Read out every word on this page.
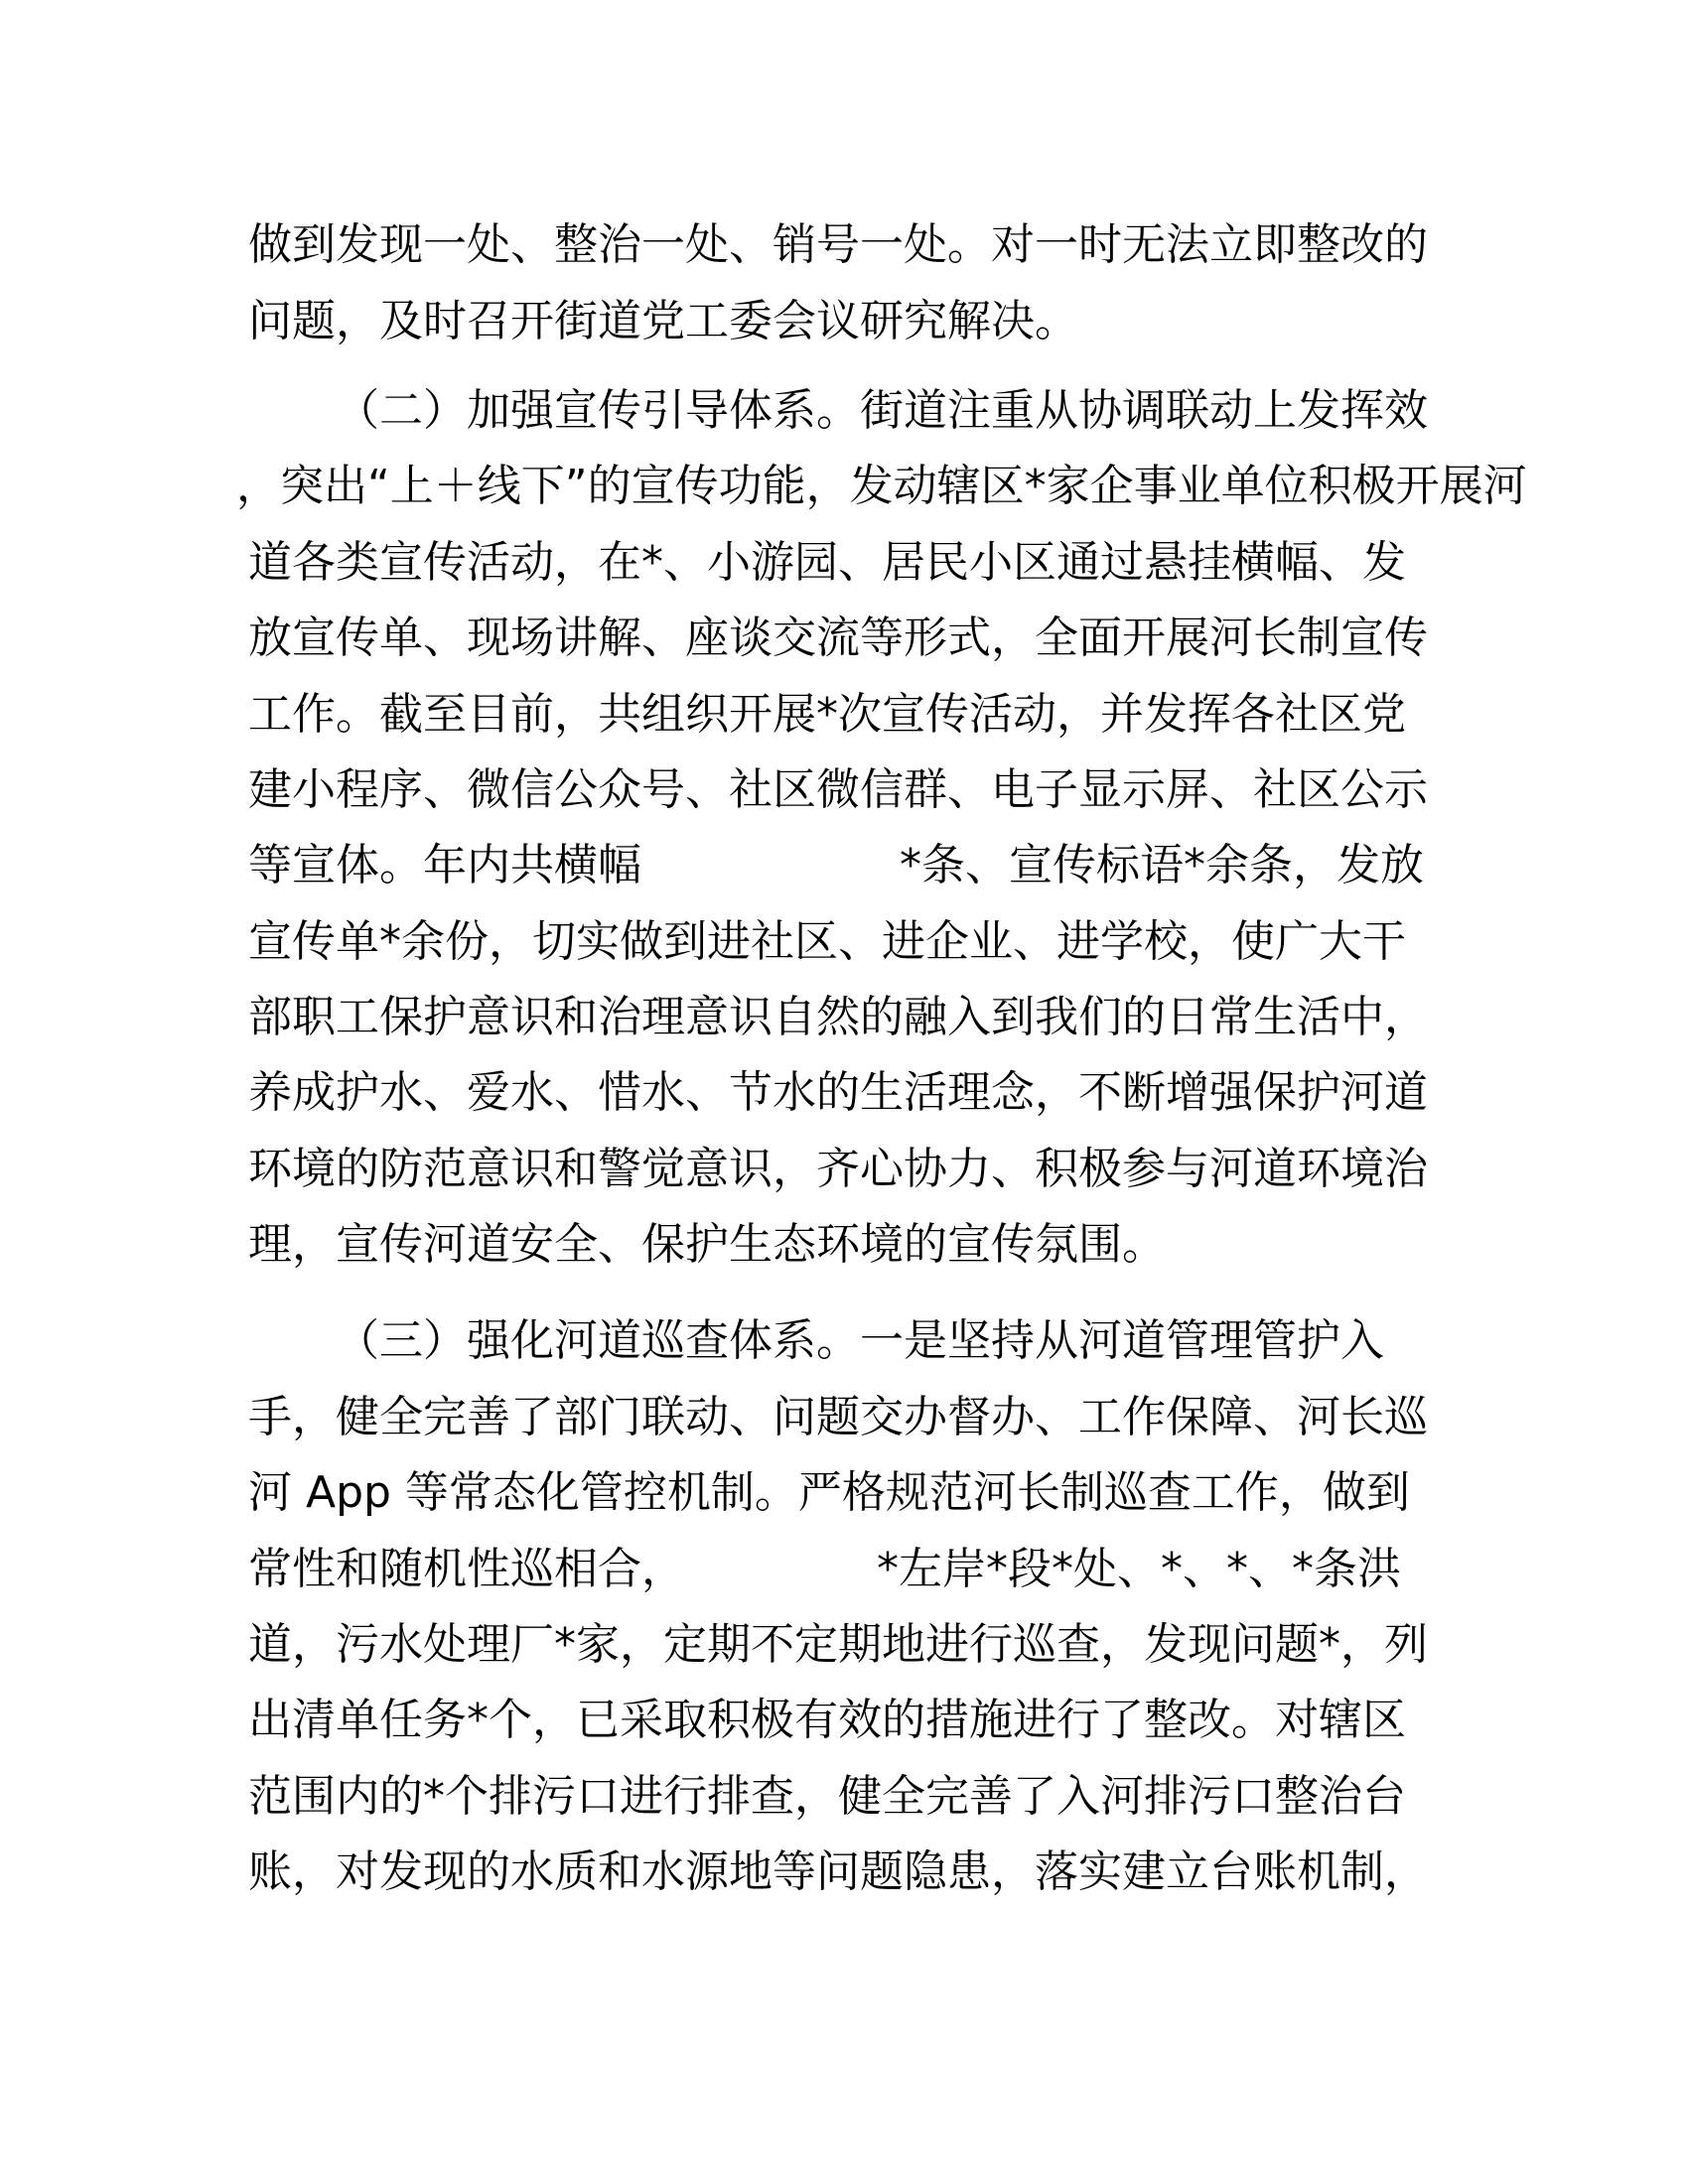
做到发现一处、整治一处、销号一处。对一时无法立即整改的
问题，及时召开街道党工委会议研究解决。
（二）加强宣传引导体系。街道注重从协调联动上发挥效
，突出“上＋线下”的宣传功能，发动辖区*家企事业单位积极开展河
道各类宣传活动，在*、小游园、居民小区通过悬挂横幅、发
放宣传单、现场讲解、座谈交流等形式，全面开展河长制宣传
工作。截至目前，共组织开展*次宣传活动，并发挥各社区党
建小程序、微信公众号、社区微信群、电子显示屏、社区公示
等宣体。年内共横幅	*条、宣传标语*余条，发放
宣传单*余份，切实做到进社区、进企业、进学校，使广大干
部职工保护意识和治理意识自然的融入到我们的日常生活中，
养成护水、爱水、惜水、节水的生活理念，不断增强保护河道
环境的防范意识和警觉意识，齐心协力、积极参与河道环境治
理，宣传河道安全、保护生态环境的宣传氛围。
（三）强化河道巡查体系。一是坚持从河道管理管护入
手，健全完善了部门联动、问题交办督办、工作保障、河长巡
河 App 等常态化管控机制。严格规范河长制巡查工作，做到
常性和随机性巡相合，	*左岸*段*处、*、*、*条洪
道，污水处理厂*家，定期不定期地进行巡查，发现问题*，列
出清单任务*个，已采取积极有效的措施进行了整改。对辖区
范围内的*个排污口进行排查，健全完善了入河排污口整治台
账，对发现的水质和水源地等问题隐患，落实建立台账机制，
